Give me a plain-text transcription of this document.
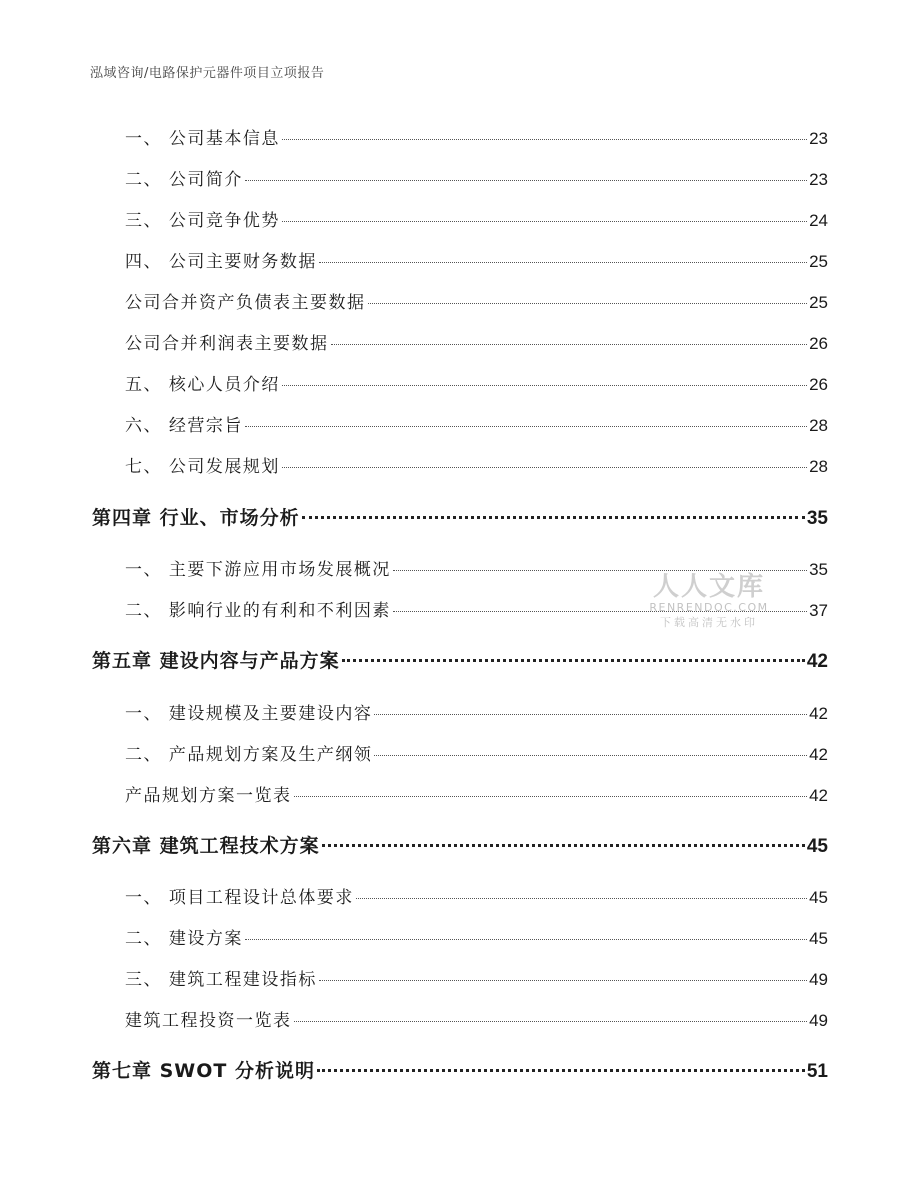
泓域咨询/电路保护元器件项目立项报告
一、 公司基本信息	23
二、 公司简介	23
三、 公司竞争优势	24
四、 公司主要财务数据	25
公司合并资产负债表主要数据	25
公司合并利润表主要数据	26
五、 核心人员介绍	26
六、 经营宗旨	28
七、 公司发展规划	28
第四章 行业、市场分析	35
一、 主要下游应用市场发展概况	35
二、 影响行业的有利和不利因素	37
第五章 建设内容与产品方案	42
一、 建设规模及主要建设内容	42
二、 产品规划方案及生产纲领	42
产品规划方案一览表	42
第六章 建筑工程技术方案	45
一、 项目工程设计总体要求	45
二、 建设方案	45
三、 建筑工程建设指标	49
建筑工程投资一览表	49
第七章 SWOT 分析说明	51
人人文库
RENRENDOC.COM
下载高清无水印
